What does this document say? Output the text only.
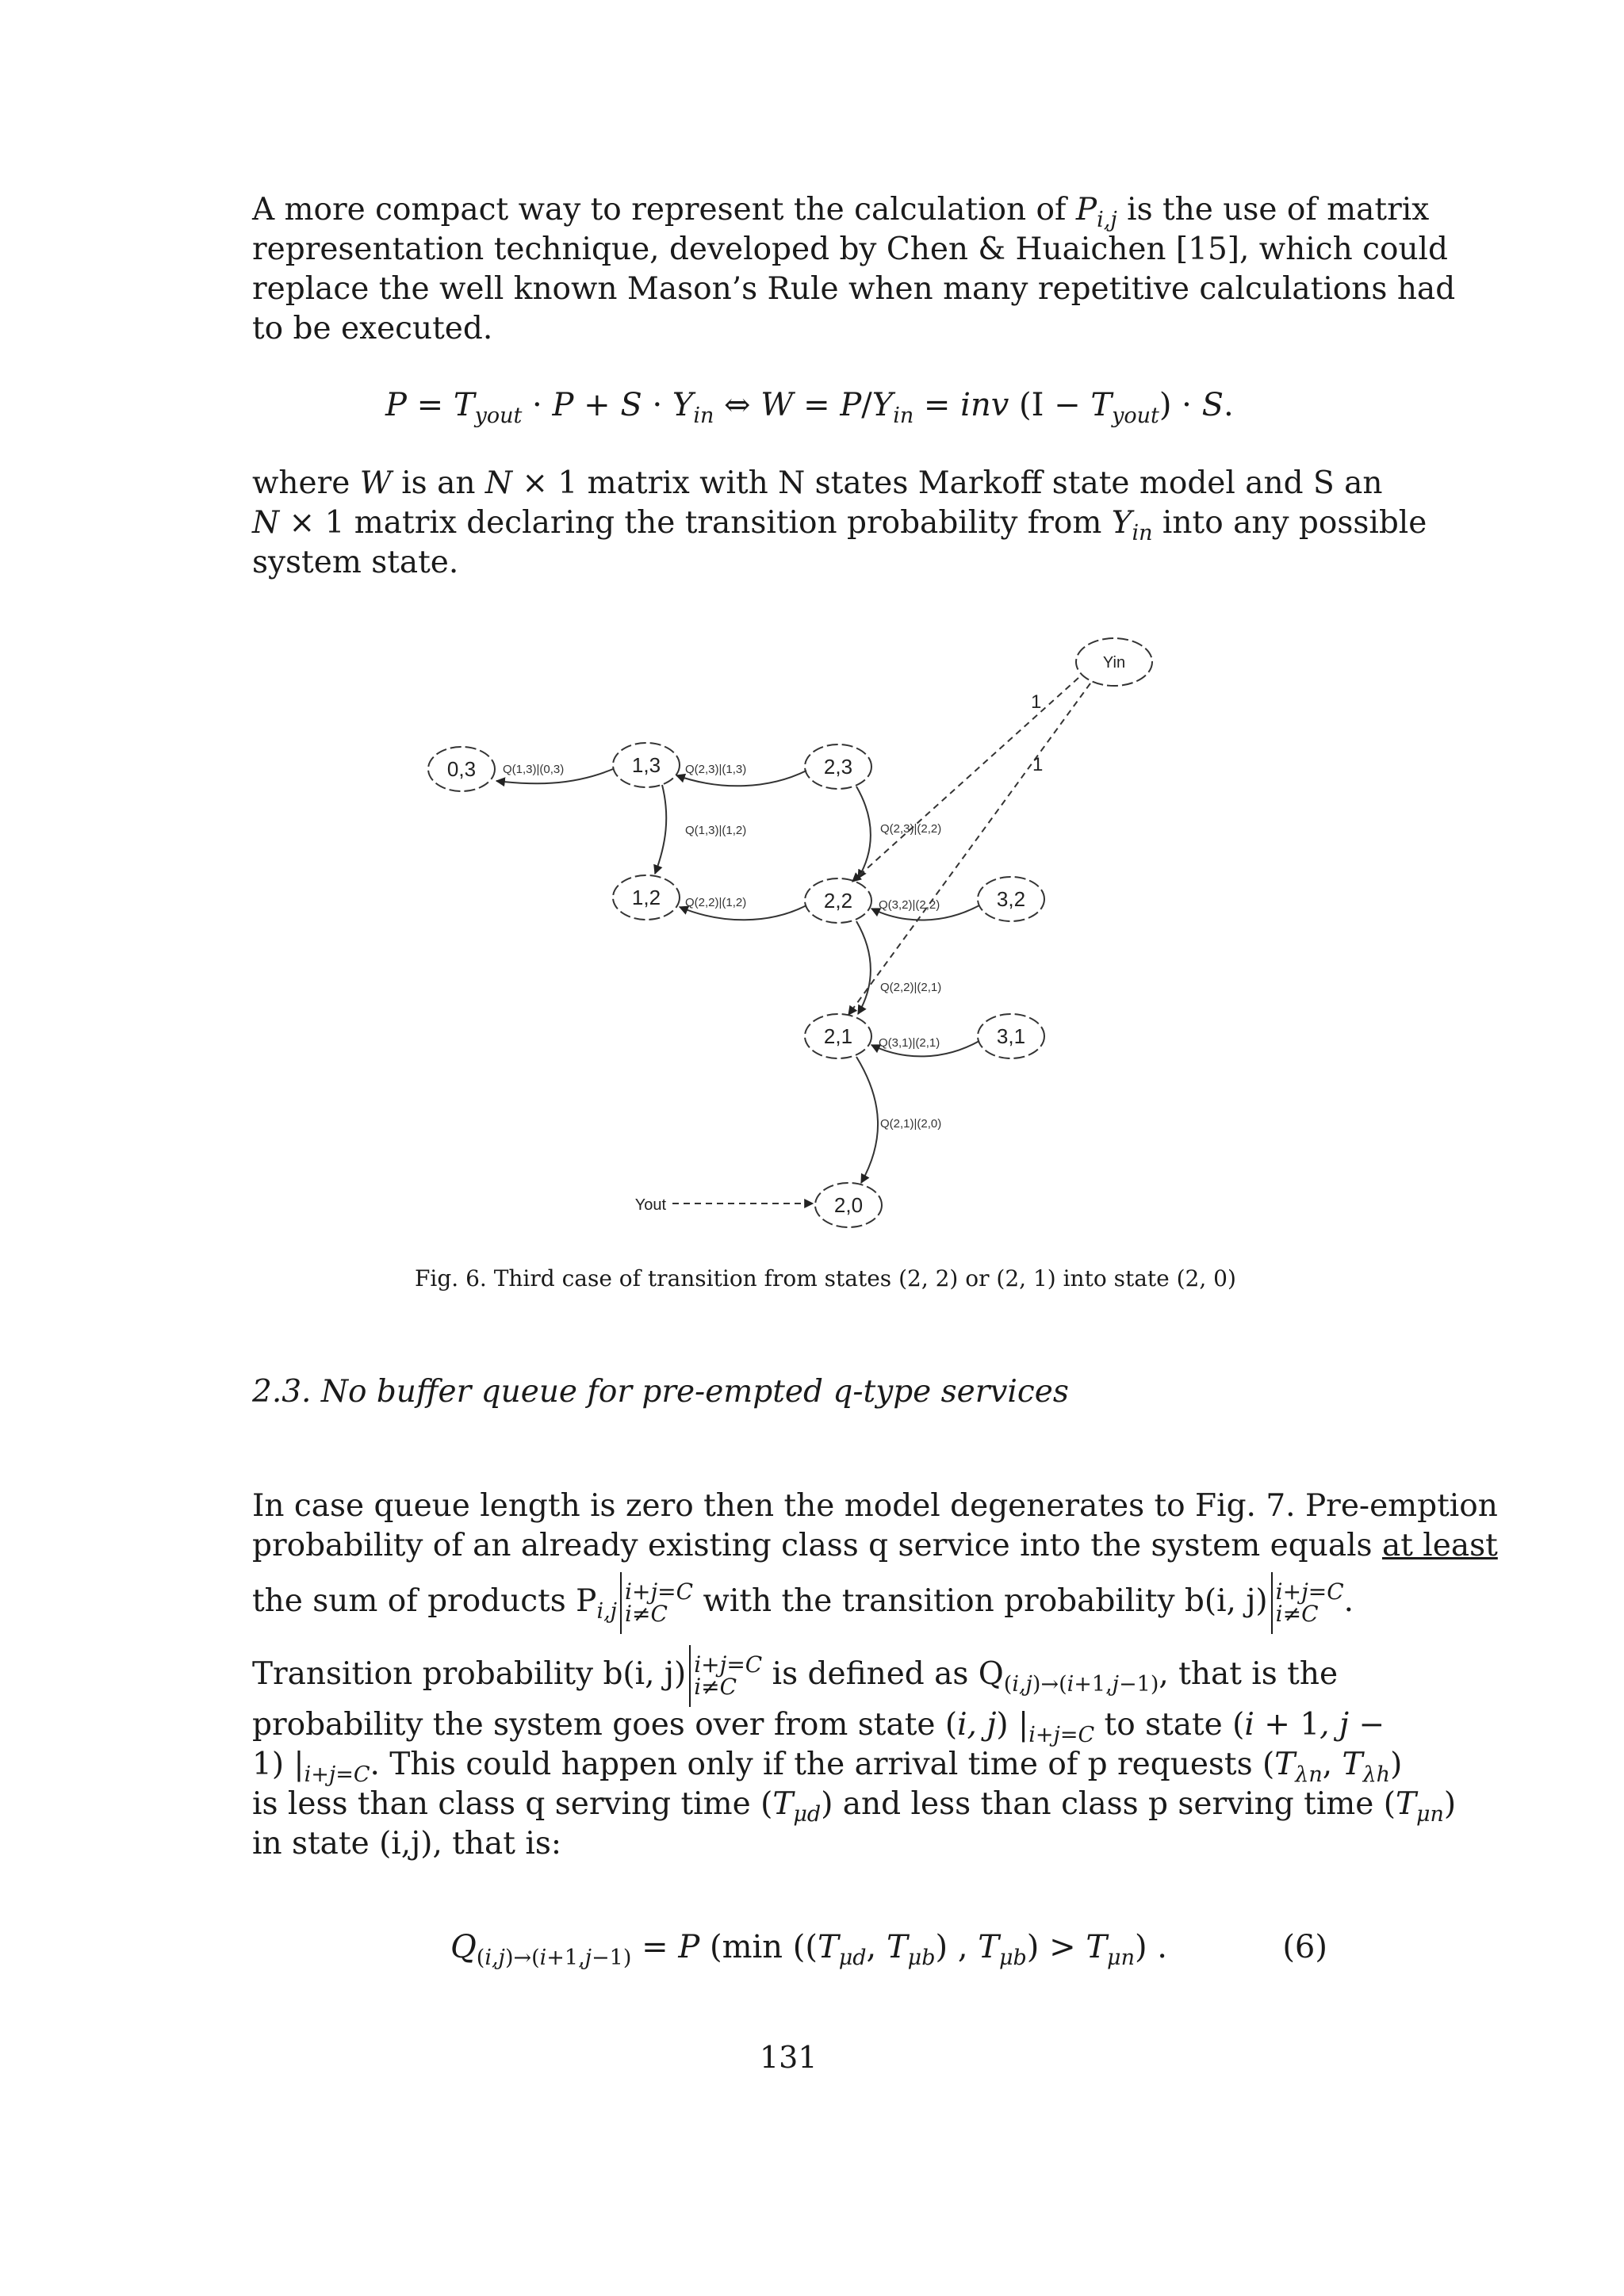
A more compact way to represent the calculation of $P_{i,j}$ is the use of matrix
representation technique, developed by Chen & Huaichen [15], which could
replace the well known Mason’s Rule when many repetitive calculations had
to be executed.
$P = T_{yout} \cdot P + S \cdot Y_{in}$ ⇔ $W = P/Y_{in}$ = inv $(I - T_{yout}) \cdot S$.
where W is an N × 1 matrix with N states Markoff state model and S an
N × 1 matrix declaring the transition probability from $Y_{in}$ into any possible
system state.
0,3	1,3	2,3
1,2	2,2	3,2
2,1	3,1
2,0
Yin
Q(1,3)|(0,3)	Q(2,3)|(1,3)
Q(1,3)|(1,2)
Q(2,2)|(1,2)
Q(2,3)|(2,2)
Q(3,2)|(2,2)
Q(2,2)|(2,1)
Q(3,1)|(2,1)
Q(2,1)|(2,0)
1
1
Yout
Fig. 6. Third case of transition from states (2, 2) or (2, 1) into state (2, 0)
2.3. No buffer queue for pre-empted q-type services
In case queue length is zero then the model degenerates to Fig. 7. Pre-emption
probability of an already existing class q service into the system equals at least
the sum of products $P_{i,j}i+j=C$
i≠C with the transition probability b(i, j) i+j=C
i≠C .
Transition probability b(i, j) i+j=C
i≠C is defined as $Q_{(i,j)\to(i+1,j-1)}$, that is the
probability the system goes over from state (i, j) $|_{i+j=C}$ to state (i + 1, j −
1) $|_{i+j=C}$. This could happen only if the arrival time of p requests ($T_{\lambda n}$, $T_{\lambda h}$)
is less than class q serving time $(T_{\mu d})$ and less than class p serving time $(T_{\mu n})$
in state (i,j), that is:
$Q_{(i,j)\to(i+1,j-1)} = P$ (min (($T_{\mu d}$, $T_{\mu b}$) , $T_{\mu b}) > T_{\mu n}$) .	(6)
131
